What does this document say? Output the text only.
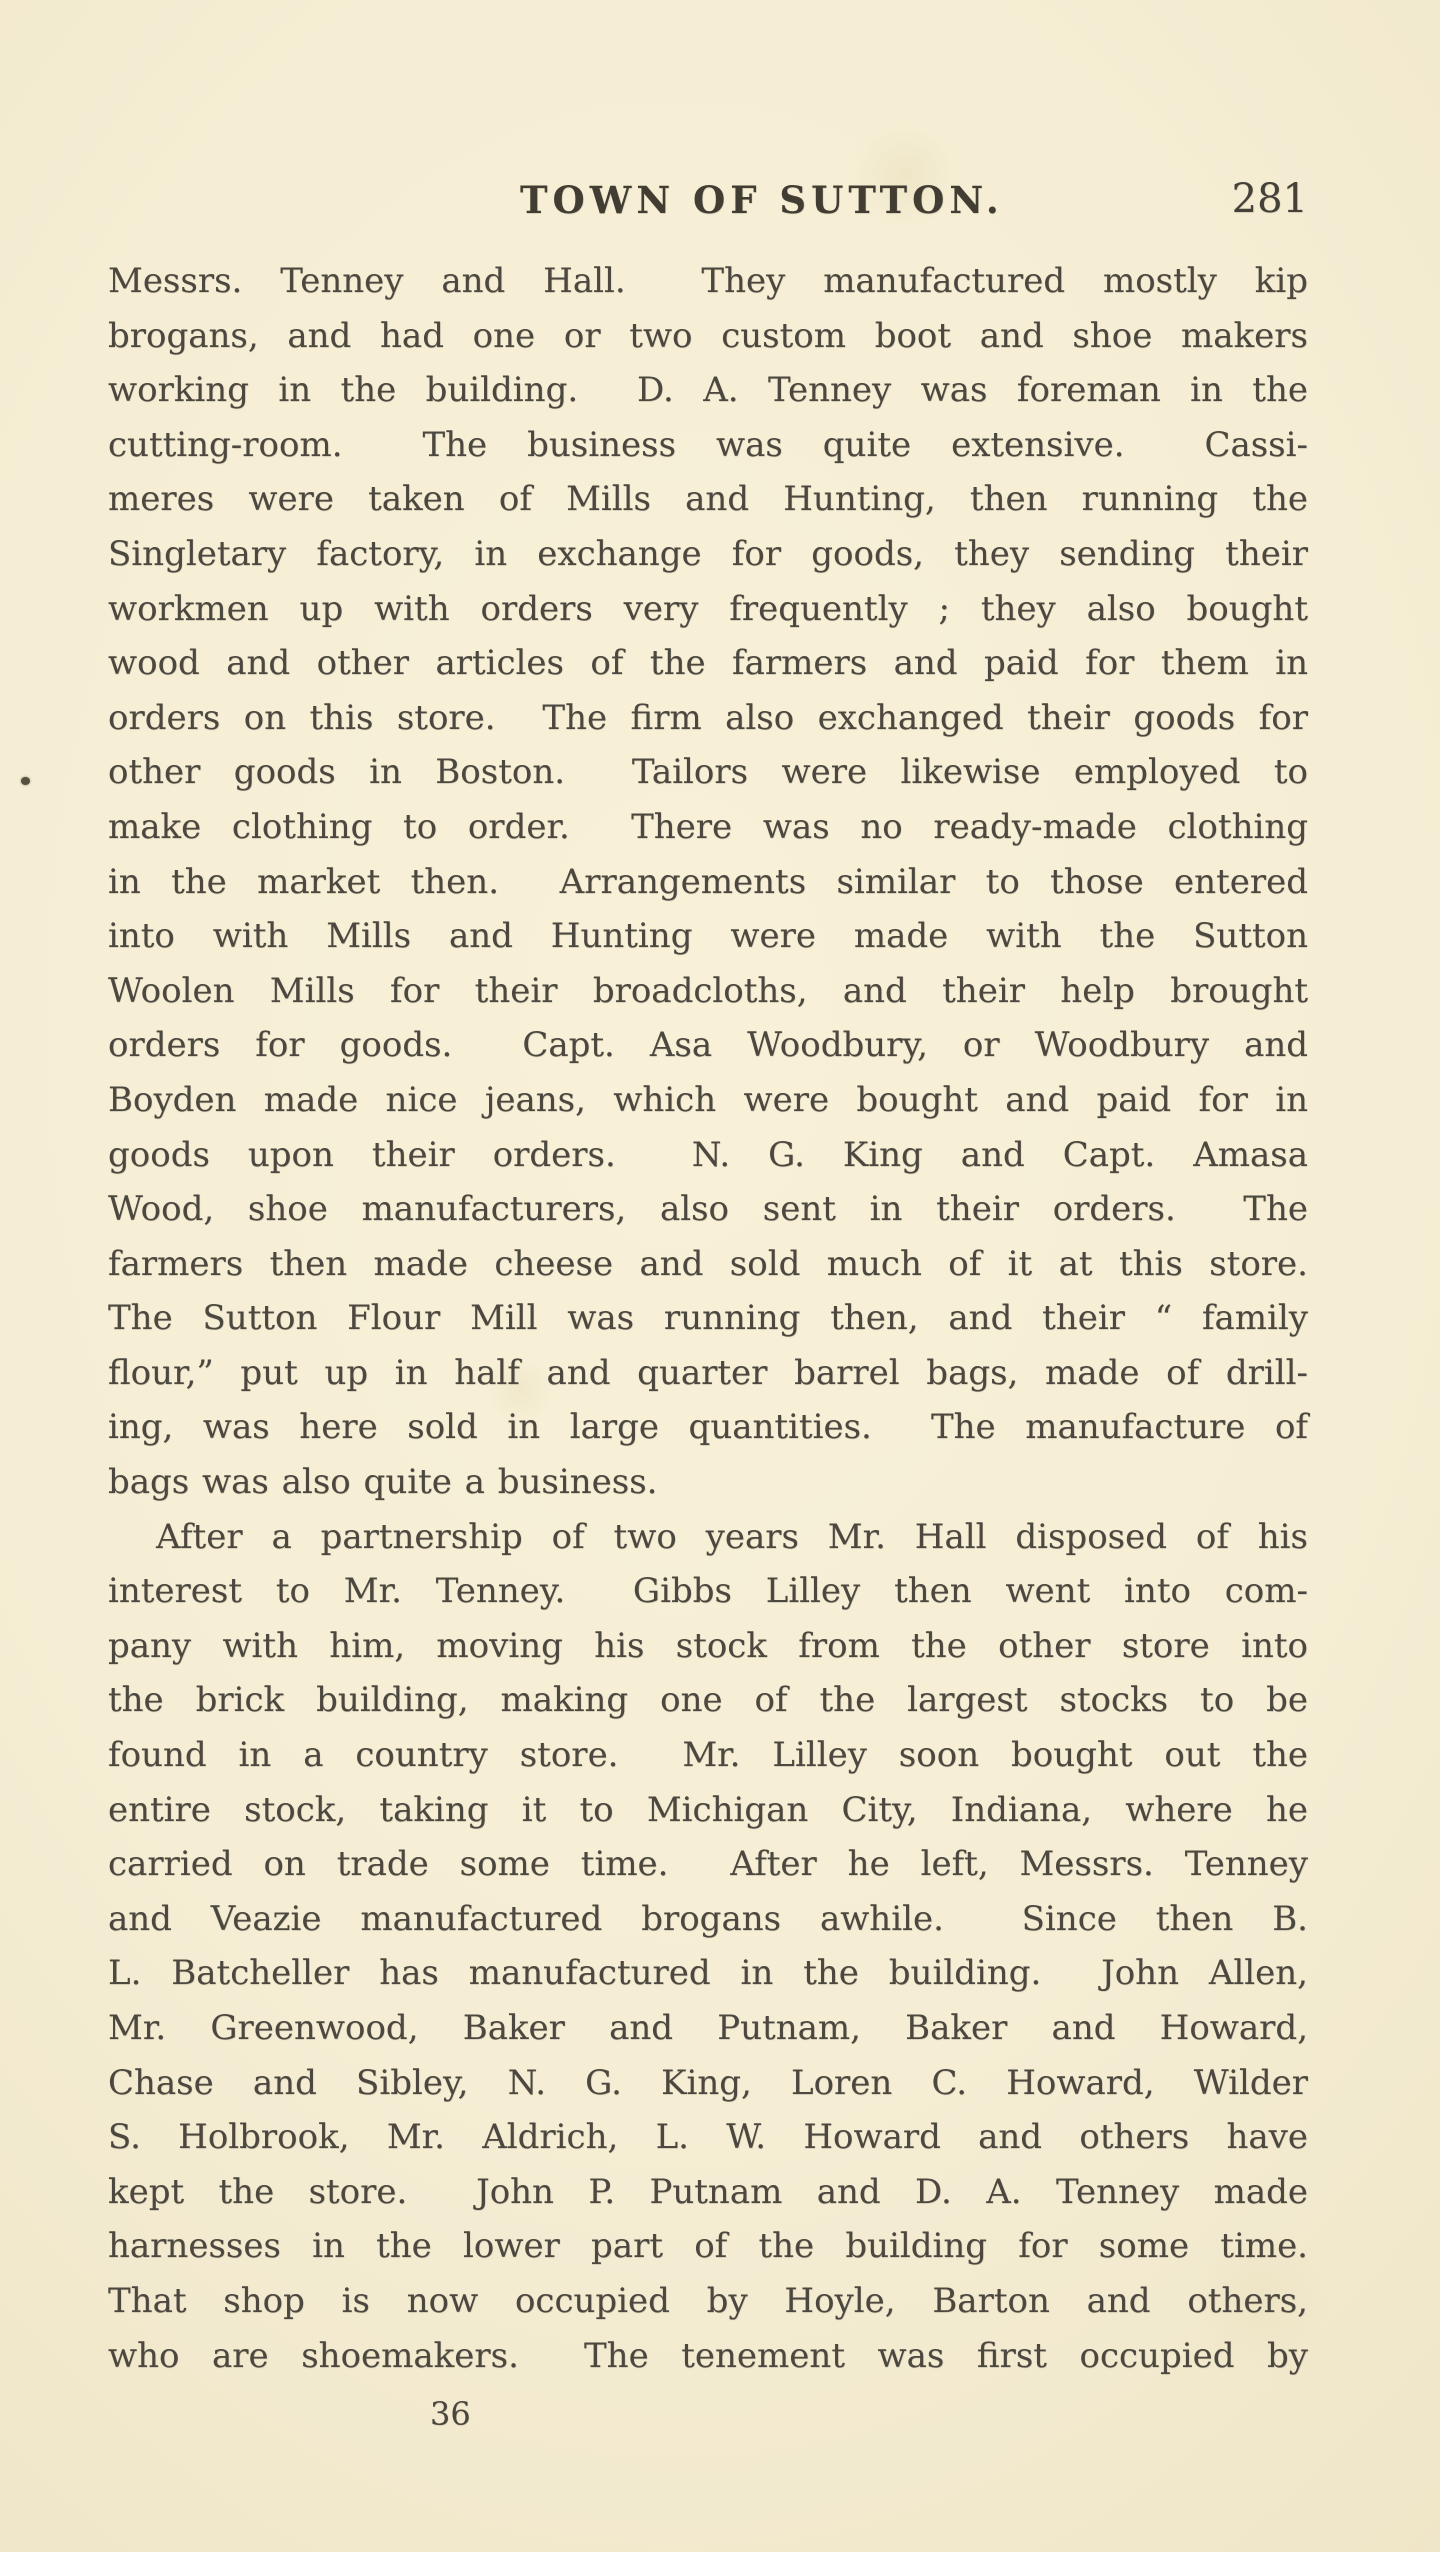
TOWN OF SUTTON.	281
Messrs. Tenney and Hall.  They manufactured mostly kip
brogans, and had one or two custom boot and shoe makers
working in the building.  D. A. Tenney was foreman in the
cutting-room.  The business was quite extensive.  Cassi-
meres were taken of Mills and Hunting, then running the
Singletary factory, in exchange for goods, they sending their
workmen up with orders very frequently ; they also bought
wood and other articles of the farmers and paid for them in
orders on this store.  The firm also exchanged their goods for
other goods in Boston.  Tailors were likewise employed to
make clothing to order.  There was no ready-made clothing
in the market then.  Arrangements similar to those entered
into with Mills and Hunting were made with the Sutton
Woolen Mills for their broadcloths, and their help brought
orders for goods.  Capt. Asa Woodbury, or Woodbury and
Boyden made nice jeans, which were bought and paid for in
goods upon their orders.  N. G. King and Capt. Amasa
Wood, shoe manufacturers, also sent in their orders.  The
farmers then made cheese and sold much of it at this store.
The Sutton Flour Mill was running then, and their “ family
flour,” put up in half and quarter barrel bags, made of drill-
ing, was here sold in large quantities.  The manufacture of
bags was also quite a business.
After a partnership of two years Mr. Hall disposed of his
interest to Mr. Tenney.  Gibbs Lilley then went into com-
pany with him, moving his stock from the other store into
the brick building, making one of the largest stocks to be
found in a country store.  Mr. Lilley soon bought out the
entire stock, taking it to Michigan City, Indiana, where he
carried on trade some time.  After he left, Messrs. Tenney
and Veazie manufactured brogans awhile.  Since then B.
L. Batcheller has manufactured in the building.  John Allen,
Mr. Greenwood, Baker and Putnam, Baker and Howard,
Chase and Sibley, N. G. King, Loren C. Howard, Wilder
S. Holbrook, Mr. Aldrich, L. W. Howard and others have
kept the store.  John P. Putnam and D. A. Tenney made
harnesses in the lower part of the building for some time.
That shop is now occupied by Hoyle, Barton and others,
who are shoemakers.  The tenement was first occupied by
36
